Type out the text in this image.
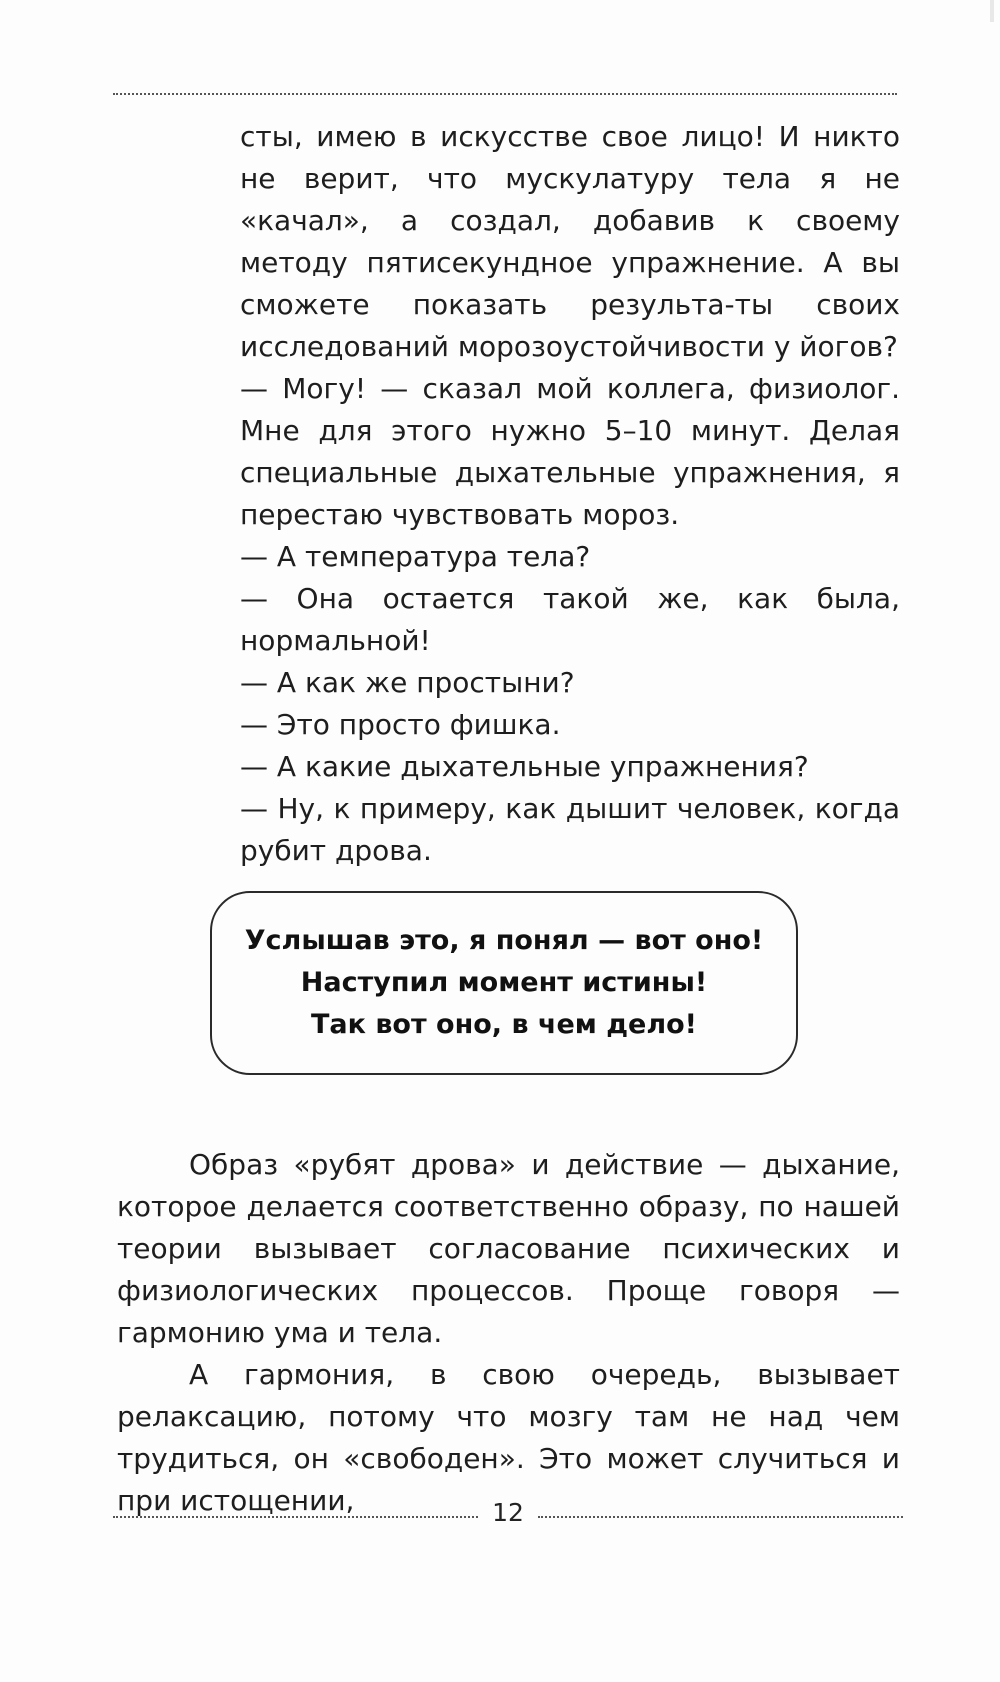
сты, имею в искусстве свое лицо! И никто не верит, что мускулатуру тела я не «качал», а создал, добавив к своему методу пятисекундное упражнение. А вы сможете показать результа-ты своих исследований морозоустойчивости у йогов?

— Могу! — сказал мой коллега, физиолог. Мне для этого нужно 5–10 минут. Делая специальные дыхательные упражнения, я перестаю чувствовать мороз.

— А температура тела?

— Она остается такой же, как была, нормальной!

— А как же простыни?

— Это просто фишка.

— А какие дыхательные упражнения?

— Ну, к примеру, как дышит человек, когда рубит дрова.

Услышав это, я понял — вот оно!
Наступил момент истины!
Так вот оно, в чем дело!

Образ «рубят дрова» и действие — дыхание, которое делается соответственно образу, по нашей теории вызывает согласование психических и физиологических процессов. Проще говоря — гармонию ума и тела.

А гармония, в свою очередь, вызывает релаксацию, потому что мозгу там не над чем трудиться, он «свободен». Это может случиться и при истощении,	12
